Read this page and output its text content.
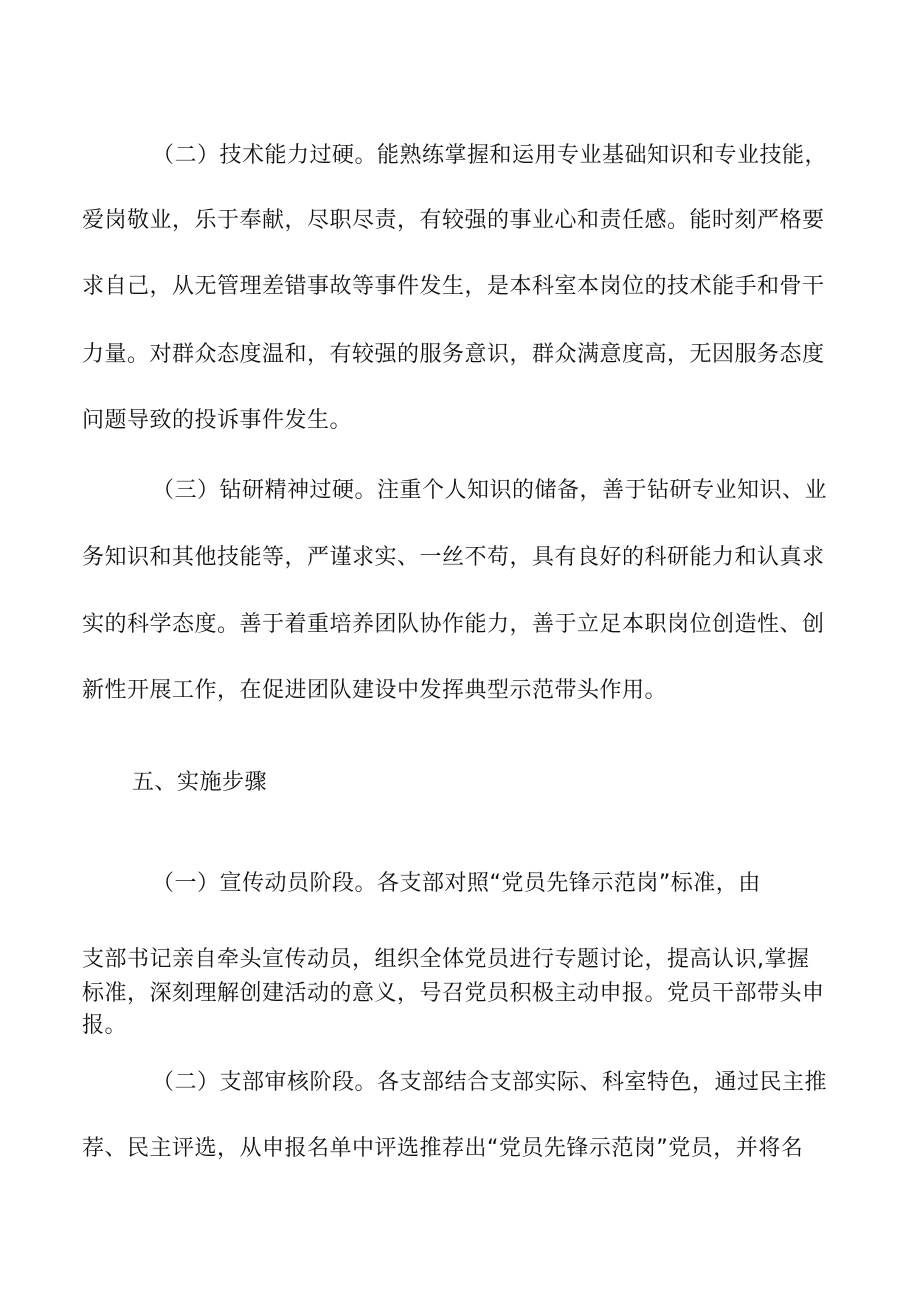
（二）技术能力过硬。能熟练掌握和运用专业基础知识和专业技能，
爱岗敬业，乐于奉献，尽职尽责，有较强的事业心和责任感。能时刻严格要
求自己，从无管理差错事故等事件发生，是本科室本岗位的技术能手和骨干
力量。对群众态度温和，有较强的服务意识，群众满意度高，无因服务态度
问题导致的投诉事件发生。
（三）钻研精神过硬。注重个人知识的储备，善于钻研专业知识、业
务知识和其他技能等，严谨求实、一丝不苟，具有良好的科研能力和认真求
实的科学态度。善于着重培养团队协作能力，善于立足本职岗位创造性、创
新性开展工作，在促进团队建设中发挥典型示范带头作用。
五、实施步骤
（一）宣传动员阶段。各支部对照“党员先锋示范岗”标准，由
支部书记亲自牵头宣传动员，组织全体党员进行专题讨论，提高认识,掌握
标准，深刻理解创建活动的意义，号召党员积极主动申报。党员干部带头申
报。
（二）支部审核阶段。各支部结合支部实际、科室特色，通过民主推
荐、民主评选，从申报名单中评选推荐出“党员先锋示范岗”党员，并将名
